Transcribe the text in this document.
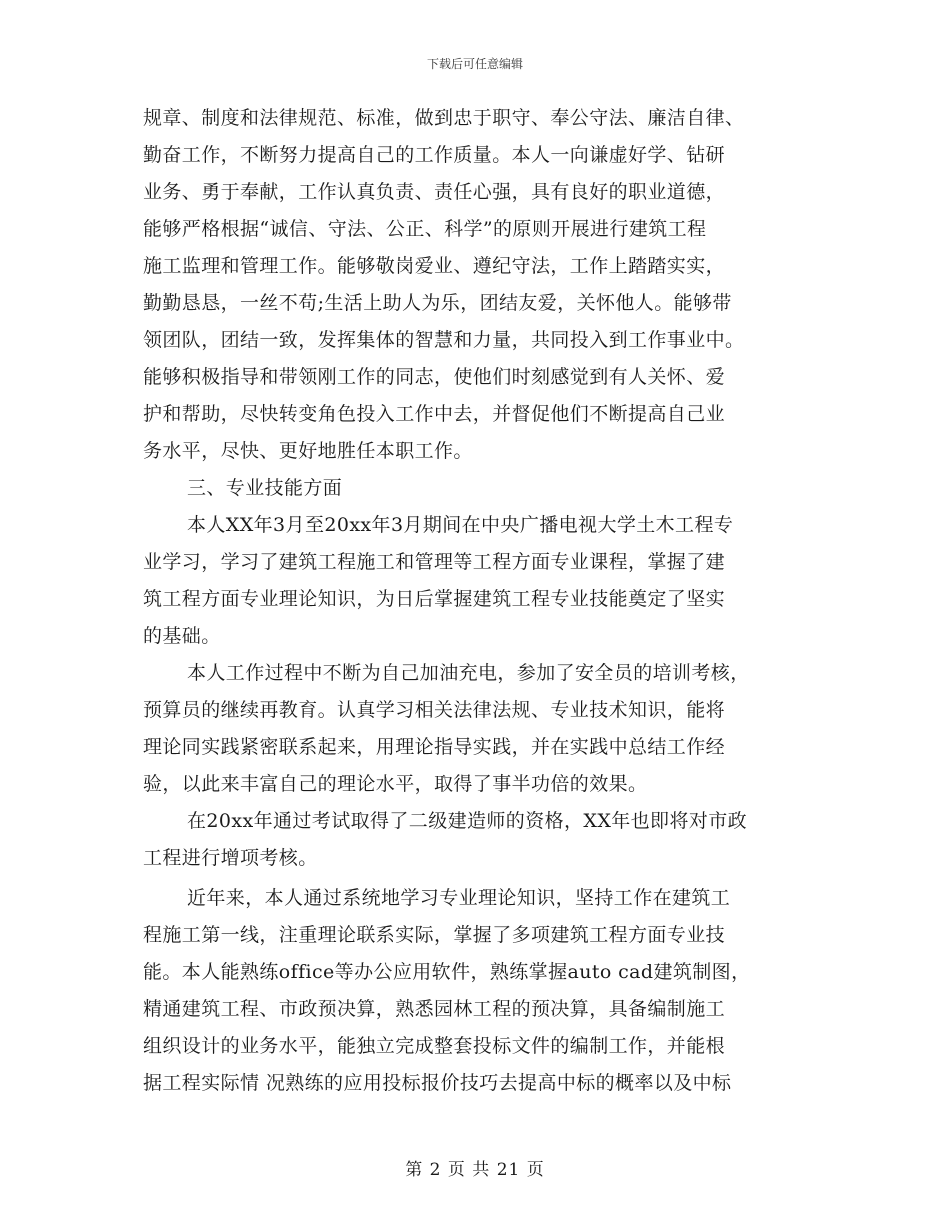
下载后可任意编辑
规章、制度和法律规范、标准，做到忠于职守、奉公守法、廉洁自律、
勤奋工作，不断努力提高自己的工作质量。本人一向谦虚好学、钻研
业务、勇于奉献，工作认真负责、责任心强，具有良好的职业道德，
能够严格根据“诚信、守法、公正、科学”的原则开展进行建筑工程
施工监理和管理工作。能够敬岗爱业、遵纪守法，工作上踏踏实实，
勤勤恳恳，一丝不苟;生活上助人为乐，团结友爱，关怀他人。能够带
领团队，团结一致，发挥集体的智慧和力量，共同投入到工作事业中。
能够积极指导和带领刚工作的同志，使他们时刻感觉到有人关怀、爱
护和帮助，尽快转变角色投入工作中去，并督促他们不断提高自己业
务水平，尽快、更好地胜任本职工作。
三、专业技能方面
本人XX年3月至20xx年3月期间在中央广播电视大学土木工程专
业学习，学习了建筑工程施工和管理等工程方面专业课程，掌握了建
筑工程方面专业理论知识，为日后掌握建筑工程专业技能奠定了坚实
的基础。
本人工作过程中不断为自己加油充电，参加了安全员的培训考核，
预算员的继续再教育。认真学习相关法律法规、专业技术知识，能将
理论同实践紧密联系起来，用理论指导实践，并在实践中总结工作经
验，以此来丰富自己的理论水平，取得了事半功倍的效果。
在20xx年通过考试取得了二级建造师的资格，XX年也即将对市政
工程进行增项考核。
近年来，本人通过系统地学习专业理论知识，坚持工作在建筑工
程施工第一线，注重理论联系实际，掌握了多项建筑工程方面专业技
能。本人能熟练office等办公应用软件，熟练掌握auto cad建筑制图，
精通建筑工程、市政预决算，熟悉园林工程的预决算，具备编制施工
组织设计的业务水平，能独立完成整套投标文件的编制工作，并能根
据工程实际情 况熟练的应用投标报价技巧去提高中标的概率以及中标
第 2 页 共 21 页
